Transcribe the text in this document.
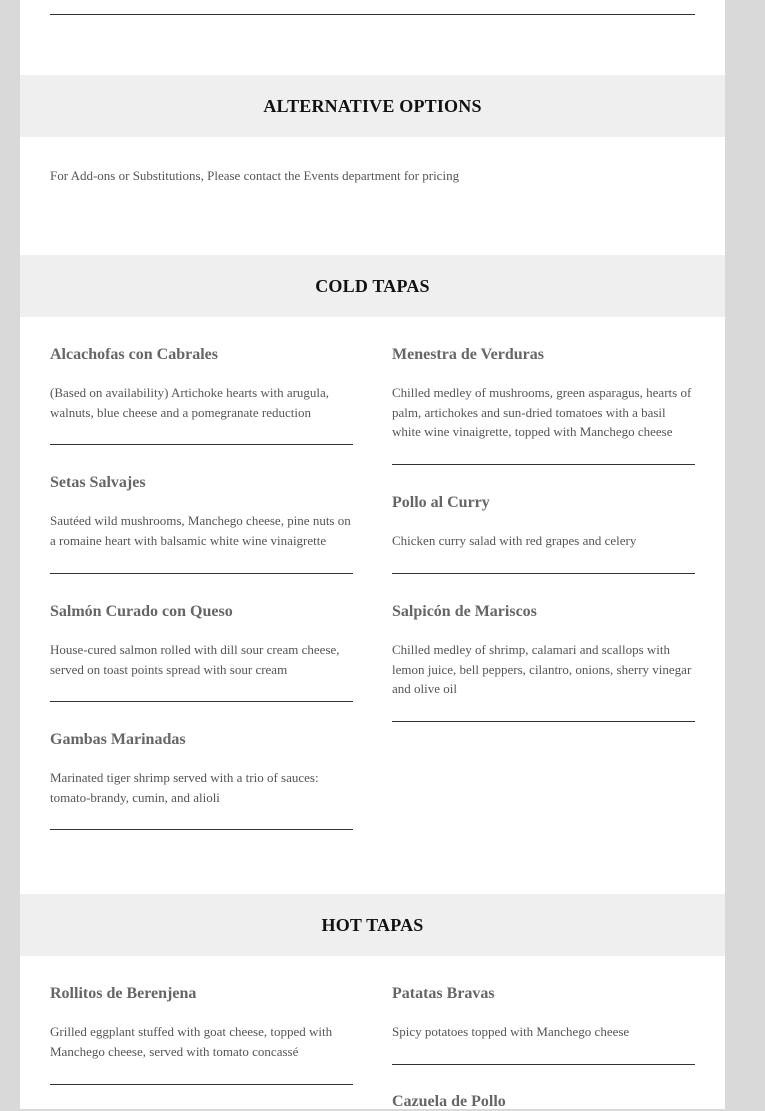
ALTERNATIVE OPTIONS
For Add-ons or Substitutions, Please contact the Events department for pricing
COLD TAPAS
Alcachofas con Cabrales
(Based on availability) Artichoke hearts with arugula, walnuts, blue cheese and a pomegranate reduction
Setas Salvajes
Sautéed wild mushrooms, Manchego cheese, pine nuts on a romaine heart with balsamic white wine vinaigrette
Salmón Curado con Queso
House-cured salmon rolled with dill sour cream cheese, served on toast points spread with sour cream
Gambas Marinadas
Marinated tiger shrimp served with a trio of sauces: tomato-brandy, cumin, and alioli
Menestra de Verduras
Chilled medley of mushrooms, green asparagus, hearts of palm, artichokes and sun-dried tomatoes with a basil white wine vinaigrette, topped with Manchego cheese
Pollo al Curry
Chicken curry salad with red grapes and celery
Salpicón de Mariscos
Chilled medley of shrimp, calamari and scallops with lemon juice, bell peppers, cilantro, onions, sherry vinegar and olive oil
HOT TAPAS
Rollitos de Berenjena
Grilled eggplant stuffed with goat cheese, topped with Manchego cheese, served with tomato concassé
Patatas Bravas
Spicy potatoes topped with Manchego cheese
Cazuela de Pollo
